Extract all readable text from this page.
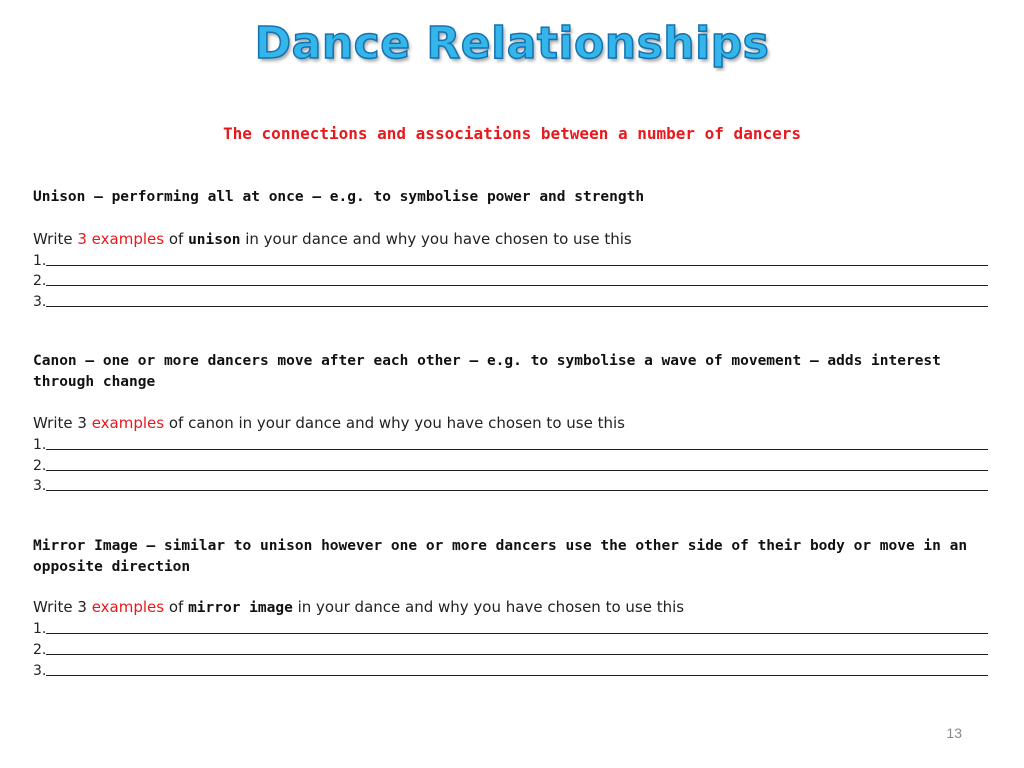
Dance Relationships
The connections and associations between a number of dancers
Unison – performing all at once – e.g. to symbolise power and strength
Write 3 examples of unison in your dance and why you have chosen to use this
1.
2.
3.
Canon – one or more dancers move after each other – e.g. to symbolise a wave of movement – adds interest through change
Write 3 examples of canon in your dance and why you have chosen to use this
1.
2.
3.
Mirror Image – similar to unison however one or more dancers use the other side of their body or move in an opposite direction
Write 3 examples of mirror image in your dance and why you have chosen to use this
1.
2.
3.
13
